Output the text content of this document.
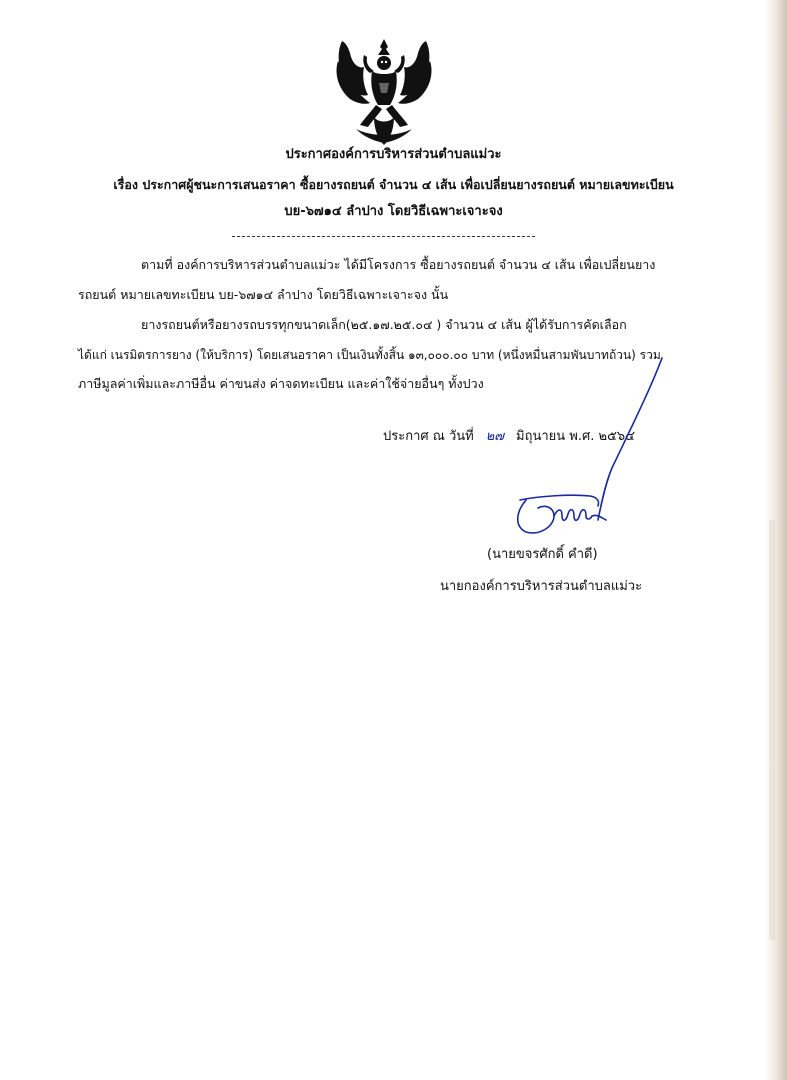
ประกาศองค์การบริหารส่วนตำบลแม่วะ
เรื่อง ประกาศผู้ชนะการเสนอราคา ซื้อยางรถยนต์ จำนวน ๔ เส้น เพื่อเปลี่ยนยางรถยนต์ หมายเลขทะเบียน
บย-๖๗๑๔ ลำปาง โดยวิธีเฉพาะเจาะจง
ตามที่ องค์การบริหารส่วนตำบลแม่วะ ได้มีโครงการ ซื้อยางรถยนต์ จำนวน ๔ เส้น เพื่อเปลี่ยนยาง
รถยนต์ หมายเลขทะเบียน บย-๖๗๑๔ ลำปาง โดยวิธีเฉพาะเจาะจง นั้น
ยางรถยนต์หรือยางรถบรรทุกขนาดเล็ก(๒๕.๑๗.๒๕.๐๔ ) จำนวน ๔ เส้น ผู้ได้รับการคัดเลือก
ได้แก่ เนรมิตรการยาง (ให้บริการ) โดยเสนอราคา เป็นเงินทั้งสิ้น ๑๓,๐๐๐.๐๐ บาท (หนึ่งหมื่นสามพันบาทถ้วน) รวม
ภาษีมูลค่าเพิ่มและภาษีอื่น ค่าขนส่ง ค่าจดทะเบียน และค่าใช้จ่ายอื่นๆ ทั้งปวง
ประกาศ ณ วันที่ ๒๗ มิถุนายน พ.ศ. ๒๕๖๔
(นายขจรศักดิ์ คำดี)
นายกองค์การบริหารส่วนตำบลแม่วะ
